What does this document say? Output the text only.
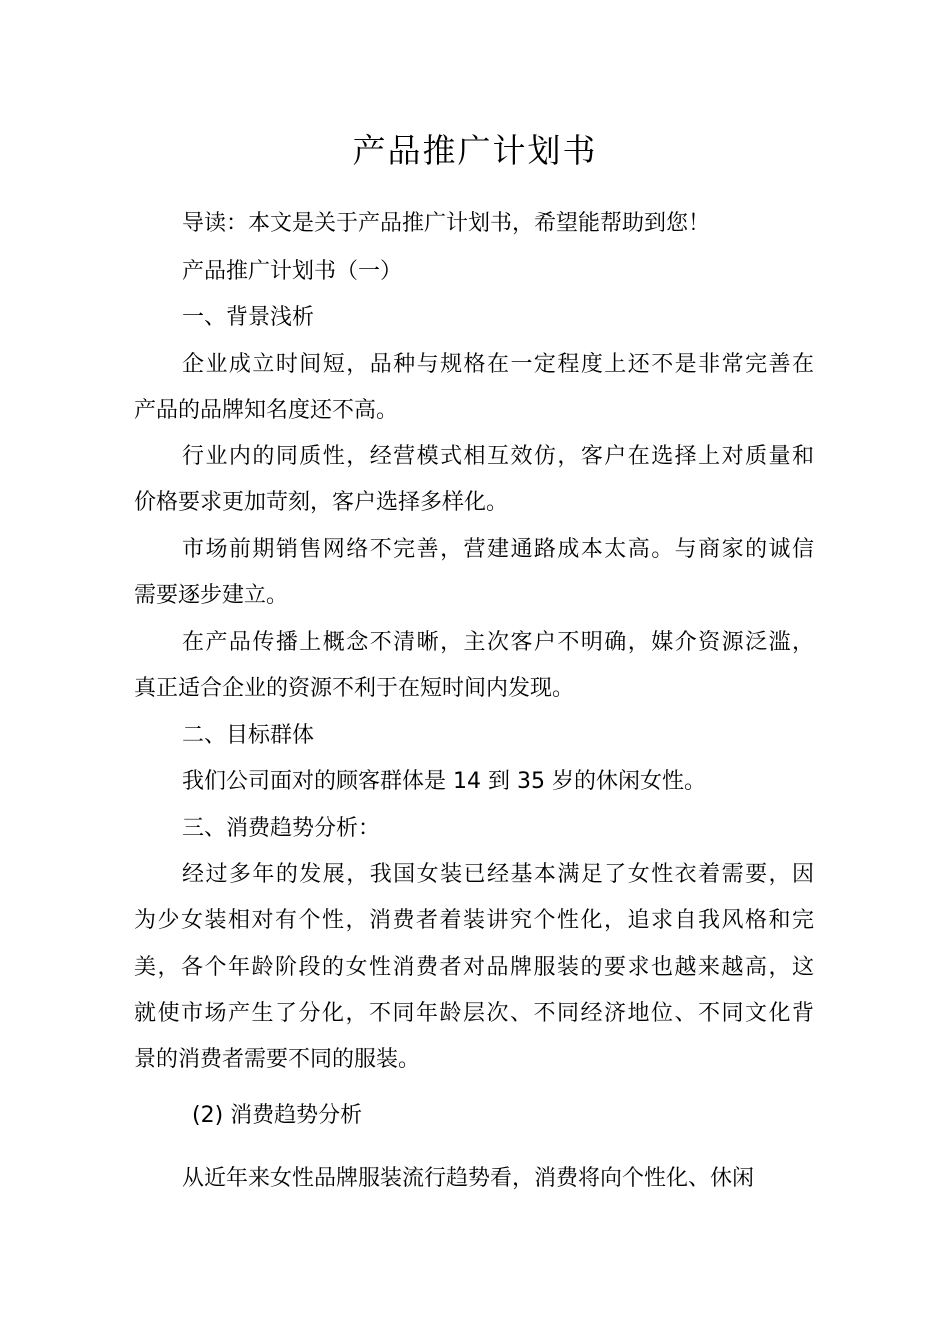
产品推广计划书
导读：本文是关于产品推广计划书，希望能帮助到您！
产品推广计划书（一）
一、背景浅析
企业成立时间短，品种与规格在一定程度上还不是非常完善在
产品的品牌知名度还不高。
行业内的同质性，经营模式相互效仿，客户在选择上对质量和
价格要求更加苛刻，客户选择多样化。
市场前期销售网络不完善，营建通路成本太高。与商家的诚信
需要逐步建立。
在产品传播上概念不清晰，主次客户不明确，媒介资源泛滥，
真正适合企业的资源不利于在短时间内发现。
二、目标群体
我们公司面对的顾客群体是 14 到 35 岁的休闲女性。
三、消费趋势分析：
经过多年的发展，我国女装已经基本满足了女性衣着需要，因
为少女装相对有个性，消费者着装讲究个性化，追求自我风格和完
美，各个年龄阶段的女性消费者对品牌服装的要求也越来越高，这
就使市场产生了分化，不同年龄层次、不同经济地位、不同文化背
景的消费者需要不同的服装。
(2) 消费趋势分析
从近年来女性品牌服装流行趋势看，消费将向个性化、休闲
